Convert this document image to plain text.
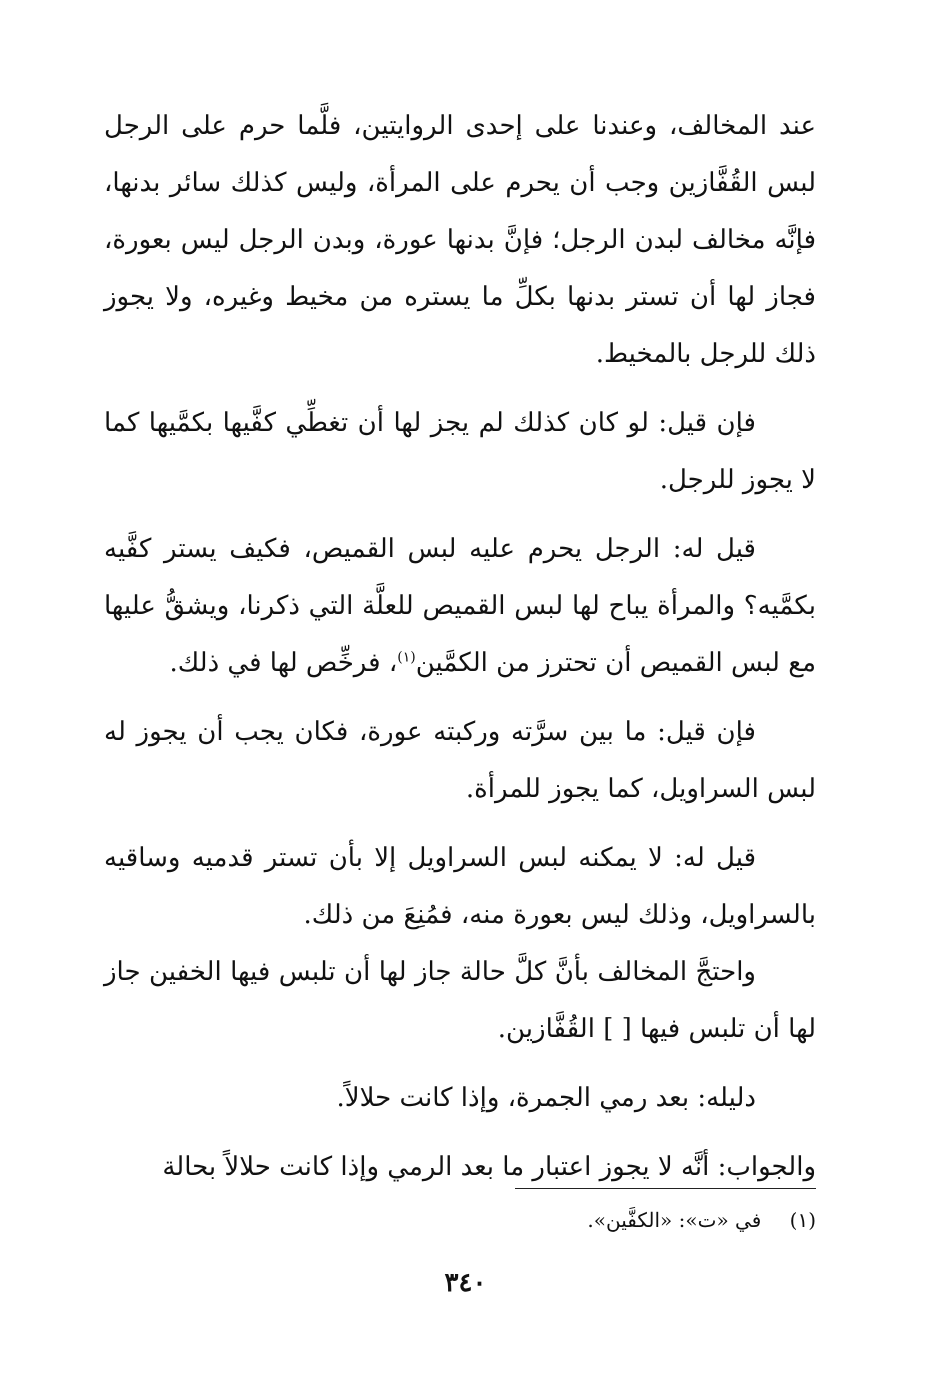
عند المخالف، وعندنا على إحدى الروايتين، فلَّما حرم على الرجل لبس القُفَّازين وجب أن يحرم على المرأة، وليس كذلك سائر بدنها، فإنَّه مخالف لبدن الرجل؛ فإنَّ بدنها عورة، وبدن الرجل ليس بعورة، فجاز لها أن تستر بدنها بكلِّ ما يستره من مخيط وغيره، ولا يجوز ذلك للرجل بالمخيط.

فإن قيل: لو كان كذلك لم يجز لها أن تغطِّي كفَّيها بكمَّيها كما لا يجوز للرجل.

قيل له: الرجل يحرم عليه لبس القميص، فكيف يستر كفَّيه بكمَّيه؟ والمرأة يباح لها لبس القميص للعلَّة التي ذكرنا، ويشقُّ عليها مع لبس القميص أن تحترز من الكمَّين$^{(١)}$، فرخِّص لها في ذلك.

فإن قيل: ما بين سرَّته وركبته عورة، فكان يجب أن يجوز له لبس السراويل، كما يجوز للمرأة.

قيل له: لا يمكنه لبس السراويل إلا بأن تستر قدميه وساقيه بالسراويل، وذلك ليس بعورة منه، فمُنِعَ من ذلك.

واحتجَّ المخالف بأنَّ كلَّ حالة جاز لها أن تلبس فيها الخفين جاز لها أن تلبس فيها [ ] القُفَّازين.

دليله: بعد رمي الجمرة، وإذا كانت حلالاً.

والجواب: أنَّه لا يجوز اعتبار ما بعد الرمي وإذا كانت حلالاً بحالة

(١) في «ت»: «الكفَّين».
٣٤٠
